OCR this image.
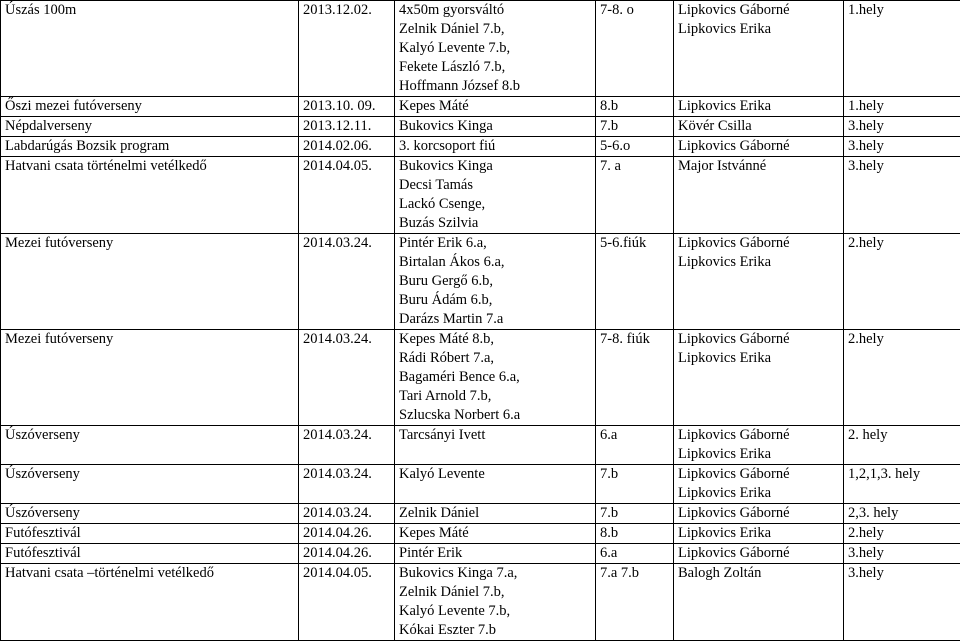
Úszás 100m	2013.12.02.	4x50m gyorsváltó
Zelnik Dániel 7.b,
Kalyó Levente 7.b,
Fekete László 7.b,
Hoffmann József 8.b	7-8. o	Lipkovics Gáborné
Lipkovics Erika	1.hely

Őszi mezei futóverseny	2013.10. 09.	Kepes Máté	8.b	Lipkovics Erika	1.hely

Népdalverseny	2013.12.11.	Bukovics Kinga	7.b	Kövér Csilla	3.hely

Labdarúgás Bozsik program	2014.02.06.	3. korcsoport fiú	5-6.o	Lipkovics Gáborné	3.hely

Hatvani csata történelmi vetélkedő	2014.04.05.	Bukovics Kinga
Decsi Tamás
Lackó Csenge,
Buzás Szilvia	7. a	Major Istvánné	3.hely

Mezei futóverseny	2014.03.24.	Pintér Erik 6.a,
Birtalan Ákos 6.a,
Buru Gergő 6.b,
Buru Ádám 6.b,
Darázs Martin 7.a	5-6.fiúk	Lipkovics Gáborné
Lipkovics Erika	2.hely

Mezei futóverseny	2014.03.24.	Kepes Máté 8.b,
Rádi Róbert 7.a,
Bagaméri Bence 6.a,
Tari Arnold 7.b,
Szlucska Norbert 6.a	7-8. fiúk	Lipkovics Gáborné
Lipkovics Erika	2.hely

Úszóverseny	2014.03.24.	Tarcsányi Ivett	6.a	Lipkovics Gáborné
Lipkovics Erika	2. hely

Úszóverseny	2014.03.24.	Kalyó Levente	7.b	Lipkovics Gáborné
Lipkovics Erika	1,2,1,3. hely

Úszóverseny	2014.03.24.	Zelnik Dániel	7.b	Lipkovics Gáborné	2,3. hely

Futófesztivál	2014.04.26.	Kepes Máté	8.b	Lipkovics Erika	2.hely

Futófesztivál	2014.04.26.	Pintér Erik	6.a	Lipkovics Gáborné	3.hely

Hatvani csata –történelmi vetélkedő	2014.04.05.	Bukovics Kinga 7.a,
Zelnik Dániel 7.b,
Kalyó Levente 7.b,
Kókai Eszter 7.b	7.a 7.b	Balogh Zoltán	3.hely
